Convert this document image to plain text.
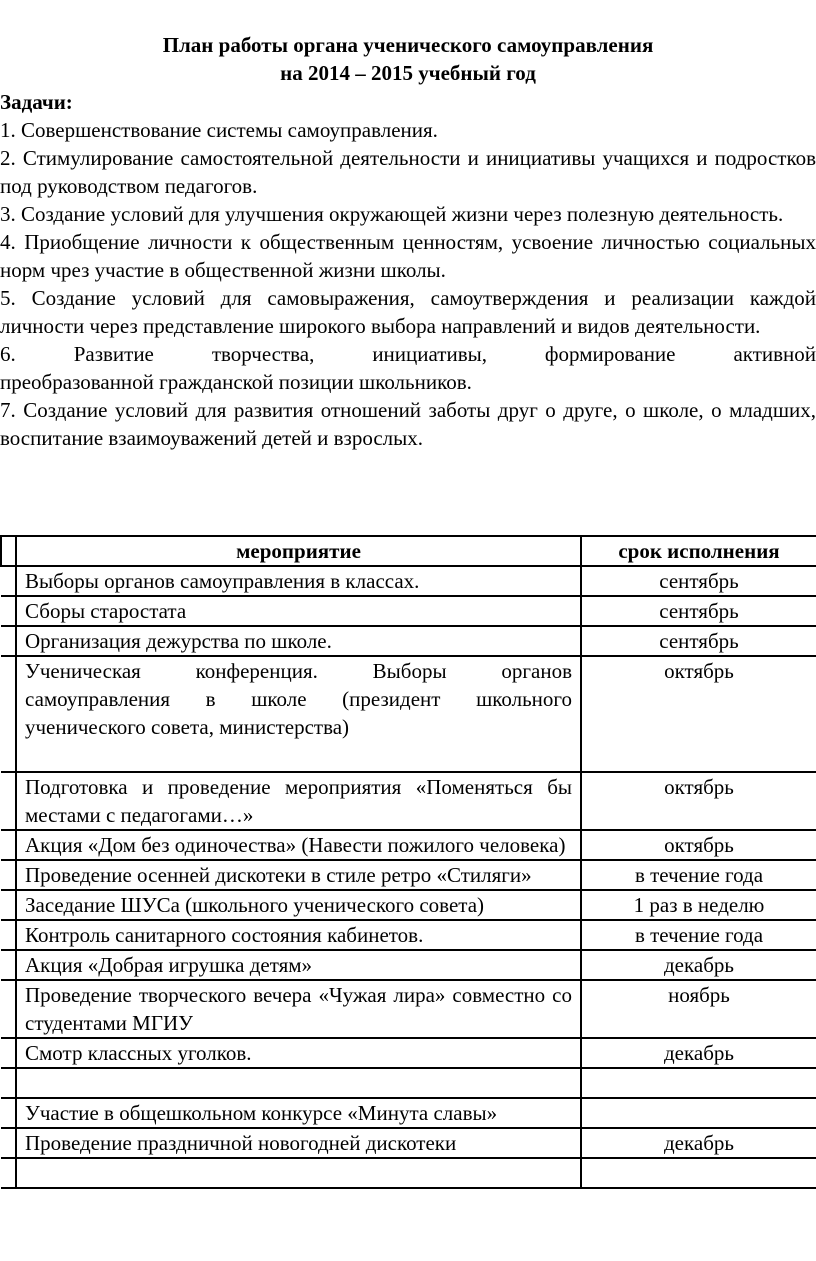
План работы органа ученического самоуправления
на 2014 – 2015 учебный год
Задачи:
1. Совершенствование системы самоуправления.
2. Стимулирование самостоятельной деятельности и инициативы учащихся и подростков под руководством педагогов.
3. Создание условий для улучшения окружающей жизни через полезную деятельность.
4. Приобщение личности к общественным ценностям, усвоение личностью социальных норм чрез участие в общественной жизни школы.
5. Создание условий для самовыражения, самоутверждения и реализации каждой личности через представление широкого выбора направлений и видов деятельности.
6. Развитие творчества, инициативы, формирование активной
преобразованной гражданской позиции школьников.
7. Создание условий для развития отношений заботы друг о друге, о школе, о младших, воспитание взаимоуважений детей и взрослых.
	мероприятие	срок исполнения
	Выборы органов самоуправления в классах.	сентябрь
	Сборы старостата	сентябрь
	Организация дежурства по школе.	сентябрь
	Ученическая конференция. Выборы органов самоуправления в школе (президент школьного ученического совета, министерства)	октябрь
	Подготовка и проведение мероприятия «Поменяться бы местами с педагогами…»	октябрь
	Акция «Дом без одиночества» (Навести пожилого человека)	октябрь
	Проведение осенней дискотеки в стиле ретро «Стиляги»	в течение года
	Заседание ШУСа (школьного ученического совета)	1 раз в неделю
	Контроль санитарного состояния кабинетов.	в течение года
	Акция «Добрая игрушка детям»	декабрь
	Проведение творческого вечера «Чужая лира» совместно со студентами МГИУ	ноябрь
	Смотр классных уголков.	декабрь

	Участие в общешкольном конкурсе «Минута славы»	
	Проведение праздничной новогодней дискотеки	декабрь
